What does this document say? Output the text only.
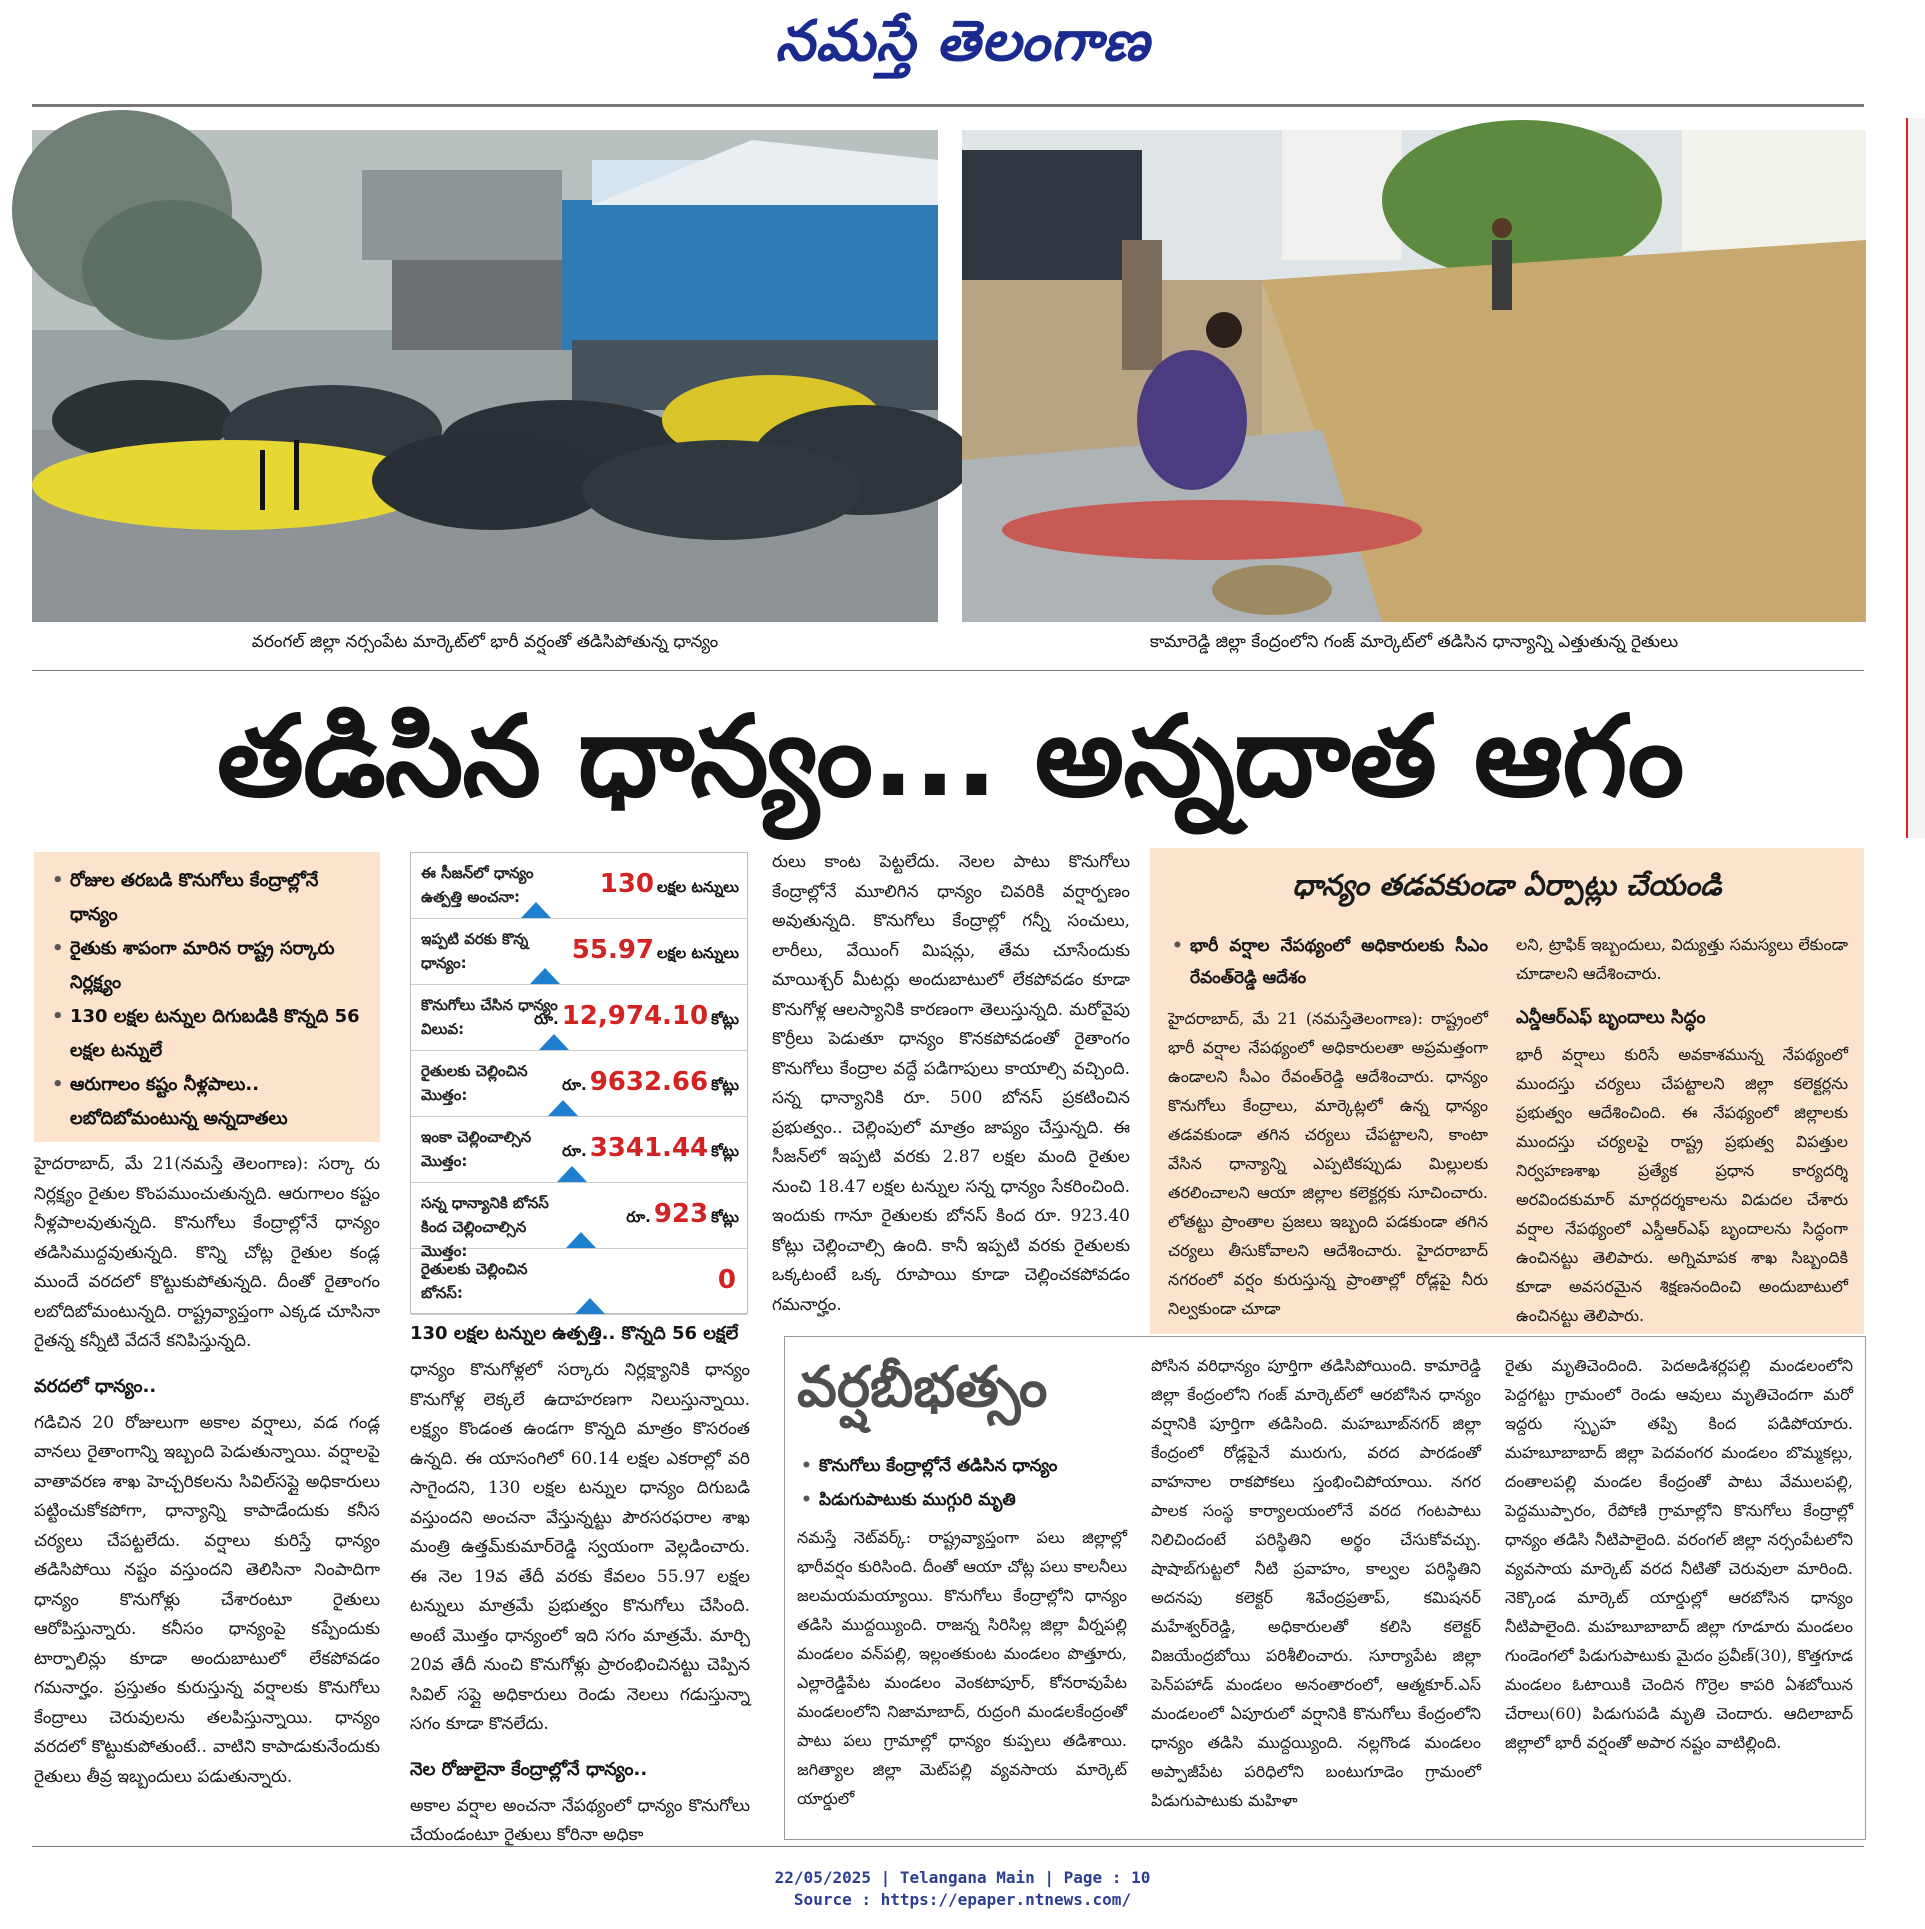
నమస్తే తెలంగాణ
వరంగల్‌ జిల్లా నర్సంపేట మార్కెట్‌లో భారీ వర్షంతో తడిసిపోతున్న ధాన్యం	కామారెడ్డి జిల్లా కేంద్రంలోని గంజ్‌ మార్కెట్‌లో తడిసిన ధాన్యాన్ని ఎత్తుతున్న రైతులు
తడిసిన ధాన్యం... అన్నదాత ఆగం
• రోజుల తరబడి కొనుగోలు కేంద్రాల్లోనే ధాన్యం
• రైతుకు శాపంగా మారిన రాష్ట్ర సర్కారు నిర్లక్ష్యం
• 130 లక్షల టన్నుల దిగుబడికి కొన్నది 56 లక్షల టన్నులే
• ఆరుగాలం కష్టం నీళ్లపాలు.. లబోదిబోమంటున్న అన్నదాతలు

హైదరాబాద్‌, మే 21(నమస్తే తెలంగాణ): సర్కా రు నిర్లక్ష్యం రైతుల కొంపముంచుతున్నది. ఆరుగాలం కష్టం నీళ్లపాలవుతున్నది. కొనుగోలు కేంద్రాల్లోనే ధాన్యం తడిసిముద్దవుతున్నది. కొన్ని చోట్ల రైతుల కండ్ల ముందే వరదలో కొట్టుకుపోతున్నది. దీంతో రైతాంగం లబోదిబోమంటున్నది. రాష్ట్రవ్యాప్తంగా ఎక్కడ చూసినా రైతన్న కన్నీటి వేదనే కనిపిస్తున్నది.

వరదలో ధాన్యం..

గడిచిన 20 రోజులుగా అకాల వర్షాలు, వడ గండ్ల వానలు రైతాంగాన్ని ఇబ్బంది పెడుతున్నాయి. వర్షాలపై వాతావరణ శాఖ హెచ్చరికలను సివిల్‌సప్లై అధికారులు పట్టించుకోకపోగా, ధాన్యాన్ని కాపాడేందుకు కనీస చర్యలు చేపట్టలేదు. వర్షాలు కురిస్తే ధాన్యం తడిసిపోయి నష్టం వస్తుందని తెలిసినా నింపాదిగా ధాన్యం కొనుగోళ్లు చేశారంటూ రైతులు ఆరోపిస్తున్నారు. కనీసం ధాన్యంపై కప్పేందుకు టార్పాలిన్లు కూడా అందుబాటులో లేకపోవడం గమనార్హం. ప్రస్తుతం కురుస్తున్న వర్షాలకు కొనుగోలు కేంద్రాలు చెరువులను తలపిస్తున్నాయి. ధాన్యం వరదలో కొట్టుకుపోతుంటే.. వాటిని కాపాడుకునేందుకు రైతులు తీవ్ర ఇబ్బందులు పడుతున్నారు.

ఈ సీజన్‌లో ధాన్యం ఉత్పత్తి అంచనా:	130 లక్షల టన్నులు
ఇప్పటి వరకు కొన్న ధాన్యం:	55.97 లక్షల టన్నులు
కొనుగోలు చేసిన ధాన్యం విలువ:
రూ. 12,974.10 కోట్లు
రైతులకు చెల్లించిన మొత్తం:
రూ. 9632.66 కోట్లు
ఇంకా చెల్లించాల్సిన మొత్తం:
రూ. 3341.44 కోట్లు
సన్న ధాన్యానికి బోనస్‌ కింద చెల్లించాల్సిన మొత్తం:
రూ. 923 కోట్లు
రైతులకు చెల్లించిన బోనస్‌:	0
130 లక్షల టన్నుల ఉత్పత్తి.. కొన్నది 56 లక్షలే

ధాన్యం కొనుగోళ్లలో సర్కారు నిర్లక్ష్యానికి ధాన్యం కొనుగోళ్ల లెక్కలే ఉదాహరణగా నిలుస్తున్నాయి. లక్ష్యం కొండంత ఉండగా కొన్నది మాత్రం కొసరంత ఉన్నది. ఈ యాసంగిలో 60.14 లక్షల ఎకరాల్లో వరి సాగైందని, 130 లక్షల టన్నుల ధాన్యం దిగుబడి వస్తుందని అంచనా వేస్తున్నట్టు పౌరసరఫరాల శాఖ మంత్రి ఉత్తమ్‌కుమార్‌రెడ్డి స్వయంగా వెల్లడించారు. ఈ నెల 19వ తేదీ వరకు కేవలం 55.97 లక్షల టన్నులు మాత్రమే ప్రభుత్వం కొనుగోలు చేసింది. అంటే మొత్తం ధాన్యంలో ఇది సగం మాత్రమే. మార్చి 20వ తేదీ నుంచి కొనుగోళ్లు ప్రారంభించినట్టు చెప్పిన సివిల్‌ సప్లై అధికారులు రెండు నెలలు గడుస్తున్నా సగం కూడా కొనలేదు.

నెల రోజులైనా కేంద్రాల్లోనే ధాన్యం..

అకాల వర్షాల అంచనా నేపథ్యంలో ధాన్యం కొనుగోలు చేయండంటూ రైతులు కోరినా అధికా

రులు కాంట పెట్టలేదు. నెలల పాటు కొనుగోలు కేంద్రాల్లోనే మూలిగిన ధాన్యం చివరికి వర్షార్పణం అవుతున్నది. కొనుగోలు కేంద్రాల్లో గన్నీ సంచులు, లారీలు, వేయింగ్‌ మిషన్లు, తేమ చూసేందుకు మాయిశ్చర్‌ మీటర్లు అందుబాటులో లేకపోవడం కూడా కొనుగోళ్ల ఆలస్యానికి కారణంగా తెలుస్తున్నది. మరోవైపు కొర్రీలు పెడుతూ ధాన్యం కొనకపోవడంతో రైతాంగం కొనుగోలు కేంద్రాల వద్దే పడిగాపులు కాయాల్సి వచ్చింది. సన్న ధాన్యానికి రూ. 500 బోనస్‌ ప్రకటించిన ప్రభుత్వం.. చెల్లింపులో మాత్రం జాప్యం చేస్తున్నది. ఈ సీజన్‌లో ఇప్పటి వరకు 2.87 లక్షల మంది రైతుల నుంచి 18.47 లక్షల టన్నుల సన్న ధాన్యం సేకరించింది. ఇందుకు గానూ రైతులకు బోనస్‌ కింద రూ. 923.40 కోట్లు చెల్లించాల్సి ఉంది. కానీ ఇప్పటి వరకు రైతులకు ఒక్కటంటే ఒక్క రూపాయి కూడా చెల్లించకపోవడం గమనార్హం.

ధాన్యం తడవకుండా ఏర్పాట్లు చేయండి
• భారీ వర్షాల నేపథ్యంలో అధికారులకు సీఎం రేవంత్‌రెడ్డి ఆదేశం

హైదరాబాద్‌, మే 21 (నమస్తేతెలంగాణ): రాష్ట్రంలో భారీ వర్షాల నేపథ్యంలో అధికారులతా అప్రమత్తంగా ఉండాలని సీఎం రేవంత్‌రెడ్డి ఆదేశించారు. ధాన్యం కొనుగోలు కేంద్రాలు, మార్కెట్లలో ఉన్న ధాన్యం తడవకుండా తగిన చర్యలు చేపట్టాలని, కాంటా వేసిన ధాన్యాన్ని ఎప్పటికప్పుడు మిల్లులకు తరలించాలని ఆయా జిల్లాల కలెక్టర్లకు సూచించారు. లోతట్టు ప్రాంతాల ప్రజలు ఇబ్బంది పడకుండా తగిన చర్యలు తీసుకోవాలని ఆదేశించారు. హైదరాబాద్‌ నగరంలో వర్షం కురుస్తున్న ప్రాంతాల్లో రోడ్లపై నీరు నిల్వకుండా చూడా

లని, ట్రాఫిక్‌ ఇబ్బందులు, విద్యుత్తు సమస్యలు లేకుండా చూడాలని ఆదేశించారు.

ఎన్డీఆర్‌ఎఫ్‌ బృందాలు సిద్ధం

భారీ వర్షాలు కురిసే అవకాశమున్న నేపథ్యంలో ముందస్తు చర్యలు చేపట్టాలని జిల్లా కలెక్టర్లను ప్రభుత్వం ఆదేశించింది. ఈ నేపథ్యంలో జిల్లాలకు ముందస్తు చర్యలపై రాష్ట్ర ప్రభుత్వ విపత్తుల నిర్వహణశాఖ ప్రత్యేక ప్రధాన కార్యదర్శి అరవిందకుమార్‌ మార్గదర్శకాలను విడుదల చేశారు వర్షాల నేపథ్యంలో ఎస్డీఆర్‌ఎఫ్‌ బృందాలను సిద్ధంగా ఉంచినట్టు తెలిపారు. అగ్నిమాపక శాఖ సిబ్బందికి కూడా అవసరమైన శిక్షణనందించి అందుబాటులో ఉంచినట్టు తెలిపారు.

వర్షబీభత్సం
• కొనుగోలు కేంద్రాల్లోనే తడిసిన ధాన్యం
• పిడుగుపాటుకు ముగ్గురి మృతి

నమస్తే నెట్‌వర్క్‌: రాష్ట్రవ్యాప్తంగా పలు జిల్లాల్లో భారీవర్షం కురిసింది. దీంతో ఆయా చోట్ల పలు కాలనీలు జలమయమయ్యాయి. కొనుగోలు కేంద్రాల్లోని ధాన్యం తడిసి ముద్దయ్యింది. రాజన్న సిరిసిల్ల జిల్లా వీర్నపల్లి మండలం వన్‌పల్లి, ఇల్లంతకుంట మండలం పొత్తూరు, ఎల్లారెడ్డిపేట మండలం వెంకటాపూర్‌, కోనరావుపేట మండలంలోని నిజామాబాద్‌, రుద్రంగి మండలకేంద్రంతో పాటు పలు గ్రామాల్లో ధాన్యం కుప్పలు తడిశాయి. జగిత్యాల జిల్లా మెట్‌పల్లి వ్యవసాయ మార్కెట్‌ యార్డులో

పోసిన వరిధాన్యం పూర్తిగా తడిసిపోయింది. కామారెడ్డి జిల్లా కేంద్రంలోని గంజ్‌ మార్కెట్‌లో ఆరబోసిన ధాన్యం వర్షానికి పూర్తిగా తడిసింది. మహబూబ్‌నగర్‌ జిల్లా కేంద్రంలో రోడ్లపైనే మురుగు, వరద పారడంతో వాహనాల రాకపోకలు స్తంభించిపోయాయి. నగర పాలక సంస్థ కార్యాలయంలోనే వరద గంటపాటు నిలిచిందంటే పరిస్థితిని అర్థం చేసుకోవచ్చు. షాషాబ్‌గుట్టలో నీటి ప్రవాహం, కాల్వల పరిస్థితిని అదనపు కలెక్టర్‌ శివేంద్రప్రతాప్‌, కమిషనర్‌ మహేశ్వర్‌రెడ్డి, అధికారులతో కలిసి కలెక్టర్‌ విజయేంద్రబోయి పరిశీలించారు. సూర్యాపేట జిల్లా పెన్‌పహాడ్‌ మండలం అనంతారంలో, ఆత్మకూర్‌.ఎస్‌ మండలంలో ఏపూరులో వర్షానికి కొనుగోలు కేంద్రంలోని ధాన్యం తడిసి ముద్దయ్యింది. నల్లగొండ మండలం అప్పాజీపేట పరిధిలోని బంటుగూడెం గ్రామంలో పిడుగుపాటుకు మహిళా

రైతు మృతిచెందింది. పెదఅడిశర్లపల్లి మండలంలోని పెద్దగట్టు గ్రామంలో రెండు ఆవులు మృతిచెందగా మరో ఇద్దరు స్పృహ తప్పి కింద పడిపోయారు. మహబూబాబాద్‌ జిల్లా పెదవంగర మండలం బొమ్మకల్లు, దంతాలపల్లి మండల కేంద్రంతో పాటు వేములపల్లి, పెద్దముప్పారం, రేపోణి గ్రామాల్లోని కొనుగోలు కేంద్రాల్లో ధాన్యం తడిసి నీటిపాలైంది. వరంగల్‌ జిల్లా నర్సంపేటలోని వ్యవసాయ మార్కెట్‌ వరద నీటితో చెరువులా మారింది. నెక్కొండ మార్కెట్‌ యార్డుల్లో ఆరబోసిన ధాన్యం నీటిపాలైంది. మహబూబాబాద్‌ జిల్లా గూడూరు మండలం గుండెంగలో పిడుగుపాటుకు మైదం ప్రవీణ్‌(30), కొత్తగూడ మండలం ఓటాయికి చెందిన గొర్రెల కాపరి ఏశబోయిన చేరాలు(60) పిడుగుపడి మృతి చెందారు. ఆదిలాబాద్‌ జిల్లాలో భారీ వర్షంతో అపార నష్టం వాటిల్లింది.

22/05/2025 | Telangana Main | Page : 10
Source : https://epaper.ntnews.com/
